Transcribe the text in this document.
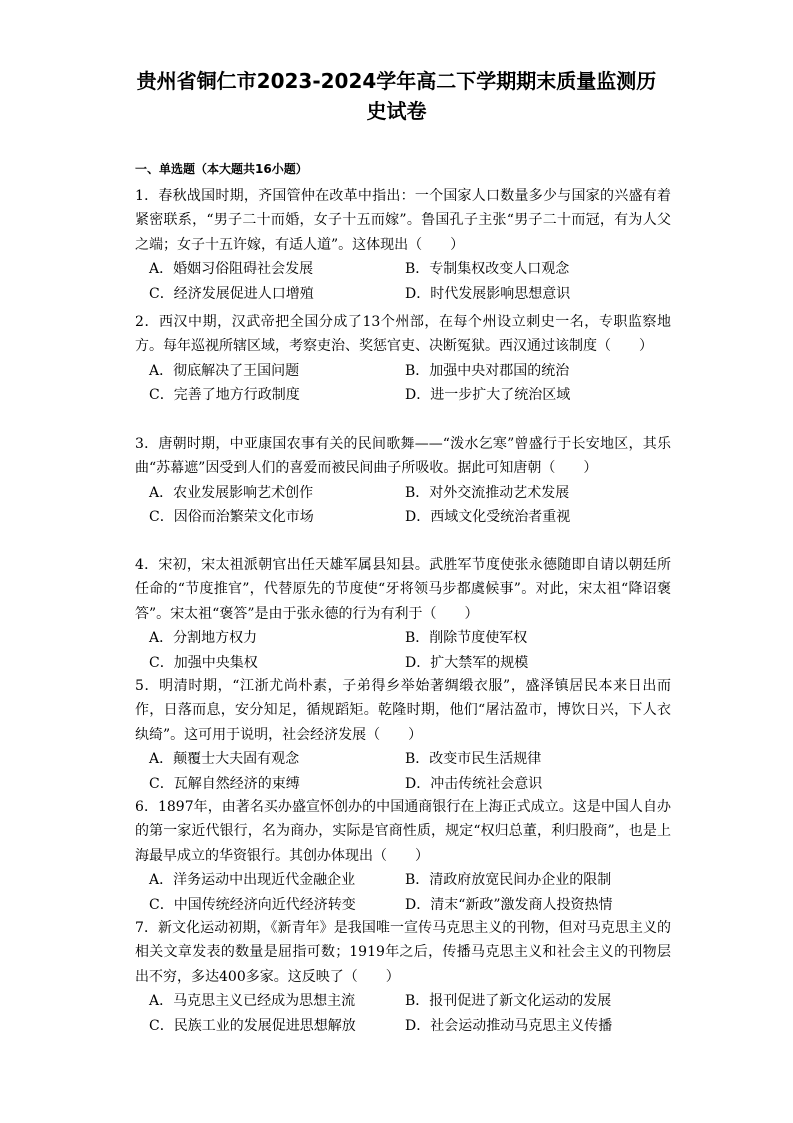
贵州省铜仁市2023-2024学年高二下学期期末质量监测历
史试卷
一、单选题（本大题共16小题）

1．春秋战国时期，齐国管仲在改革中指出：一个国家人口数量多少与国家的兴盛有着紧密联系，“男子二十而婚，女子十五而嫁”。鲁国孔子主张“男子二十而冠，有为人父之端；女子十五许嫁，有适人道”。这体现出（　　）

A．婚姻习俗阻碍社会发展	B．专制集权改变人口观念
C．经济发展促进人口增殖	D．时代发展影响思想意识

2．西汉中期，汉武帝把全国分成了13个州部，在每个州设立刺史一名，专职监察地方。每年巡视所辖区域，考察吏治、奖惩官吏、决断冤狱。西汉通过该制度（　　）

A．彻底解决了王国问题	B．加强中央对郡国的统治
C．完善了地方行政制度	D．进一步扩大了统治区域

3．唐朝时期，中亚康国农事有关的民间歌舞——“泼水乞寒”曾盛行于长安地区，其乐曲“苏幕遮”因受到人们的喜爱而被民间曲子所吸收。据此可知唐朝（　　）

A．农业发展影响艺术创作	B．对外交流推动艺术发展
C．因俗而治繁荣文化市场	D．西域文化受统治者重视

4．宋初，宋太祖派朝官出任天雄军属县知县。武胜军节度使张永德随即自请以朝廷所任命的“节度推官”，代替原先的节度使“牙将领马步都虞候事”。对此，宋太祖“降诏褒答”。宋太祖“褒答”是由于张永德的行为有利于（　　）

A．分割地方权力	B．削除节度使军权
C．加强中央集权	D．扩大禁军的规模

5．明清时期，“江浙尤尚朴素，子弟得乡举始著绸缎衣服”，盛泽镇居民本来日出而作，日落而息，安分知足，循规蹈矩。乾隆时期，他们“屠沽盈市，博饮日兴，下人衣纨绮”。这可用于说明，社会经济发展（　　）

A．颠覆士大夫固有观念	B．改变市民生活规律
C．瓦解自然经济的束缚	D．冲击传统社会意识

6．1897年，由著名买办盛宣怀创办的中国通商银行在上海正式成立。这是中国人自办的第一家近代银行，名为商办，实际是官商性质，规定“权归总董，利归股商”，也是上海最早成立的华资银行。其创办体现出（　　）

A．洋务运动中出现近代金融企业	B．清政府放宽民间办企业的限制
C．中国传统经济向近代经济转变	D．清末“新政”激发商人投资热情

7．新文化运动初期，《新青年》是我国唯一宣传马克思主义的刊物，但对马克思主义的相关文章发表的数量是屈指可数；1919年之后，传播马克思主义和社会主义的刊物层出不穷，多达400多家。这反映了（　　）

A．马克思主义已经成为思想主流	B．报刊促进了新文化运动的发展
C．民族工业的发展促进思想解放	D．社会运动推动马克思主义传播
